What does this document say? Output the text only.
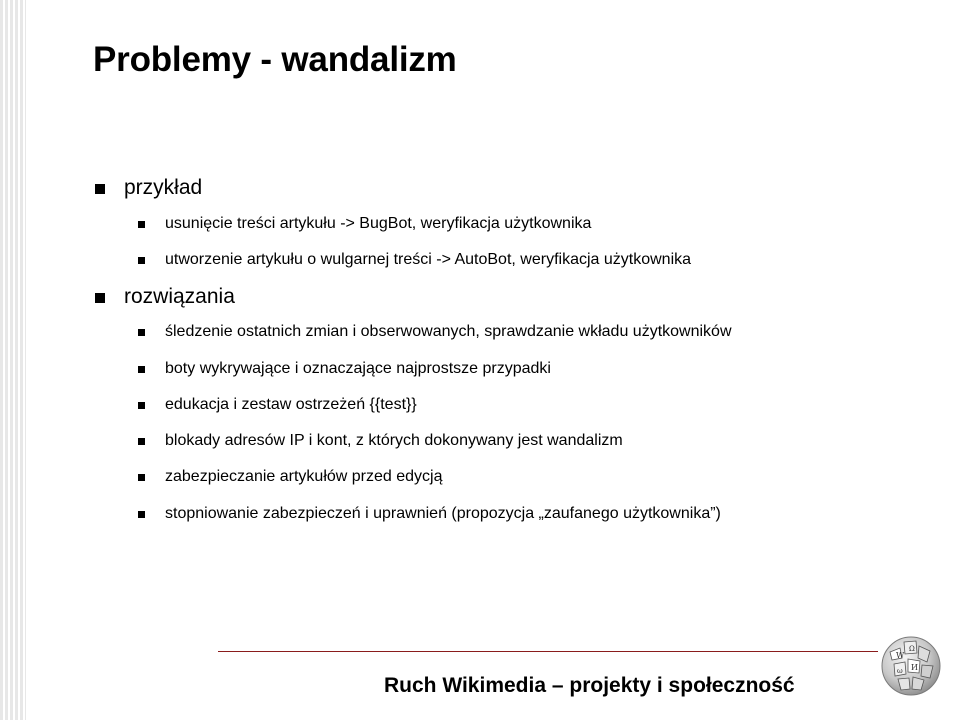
Problemy - wandalizm
przykład
usunięcie treści artykułu -> BugBot, weryfikacja użytkownika
utworzenie artykułu o wulgarnej treści -> AutoBot, weryfikacja użytkownika
rozwiązania
śledzenie ostatnich zmian i obserwowanych, sprawdzanie wkładu użytkowników
boty wykrywające i oznaczające najprostsze przypadki
edukacja i zestaw ostrzeżeń {{test}}
blokady adresów IP i kont, z których dokonywany jest wandalizm
zabezpieczanie artykułów przed edycją
stopniowanie zabezpieczeń i uprawnień (propozycja „zaufanego użytkownika”)
Ruch Wikimedia – projekty i społeczność
W
Ω
И
ω
